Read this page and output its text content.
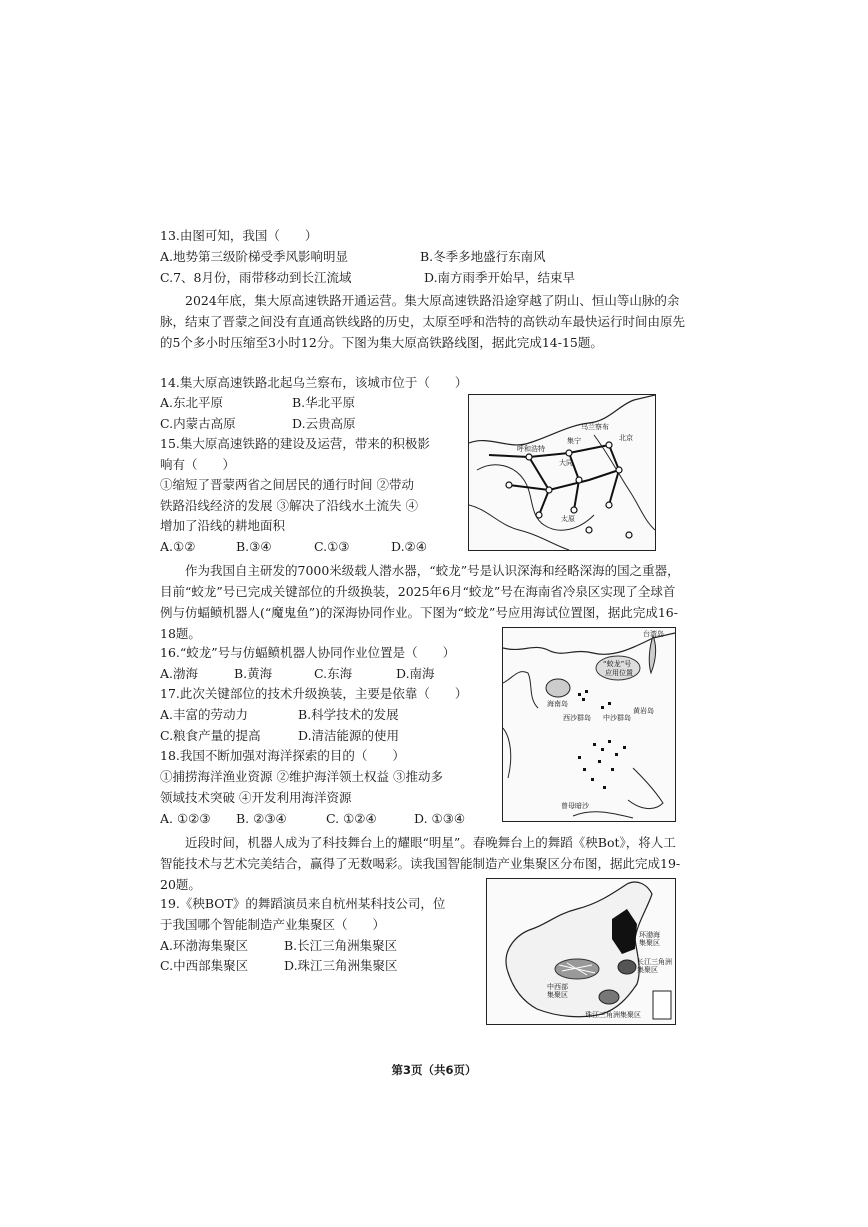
13.由图可知，我国（　　）
A.地势第三级阶梯受季风影响明显	B.冬季多地盛行东南风
C.7、8月份，雨带移动到长江流域	D.南方雨季开始早，结束早
2024年底，集大原高速铁路开通运营。集大原高速铁路沿途穿越了阴山、恒山等山脉的余脉，结束了晋蒙之间没有直通高铁线路的历史，太原至呼和浩特的高铁动车最快运行时间由原先的5个多小时压缩至3小时12分。下图为集大原高铁路线图，据此完成14-15题。
14.集大原高速铁路北起乌兰察布，该城市位于（　　）
A.东北平原	B.华北平原
C.内蒙古高原	D.云贵高原
15.集大原高速铁路的建设及运营，带来的积极影
响有（　　）
①缩短了晋蒙两省之间居民的通行时间 ②带动
铁路沿线经济的发展 ③解决了沿线水土流失 ④
增加了沿线的耕地面积
A.①②	B.③④	C.①③	D.②④
呼和浩特
乌兰察布
北京
集宁
大同
太原
作为我国自主研发的7000米级载人潜水器，“蛟龙”号是认识深海和经略深海的国之重器，目前“蛟龙”号已完成关键部位的升级换装，2025年6月“蛟龙”号在海南省冷泉区实现了全球首例与仿蝠鲼机器人(“魔鬼鱼”)的深海协同作业。下图为“蛟龙”号应用海试位置图，据此完成16-18题。
16.“蛟龙”号与仿蝠鲼机器人协同作业位置是（　　）
A.渤海	B.黄海	C.东海	D.南海
17.此次关键部位的技术升级换装，主要是依靠（　　）
A.丰富的劳动力	B.科学技术的发展
C.粮食产量的提高	D.清洁能源的使用
18.我国不断加强对海洋探索的目的（　　）
①捕捞海洋渔业资源 ②维护海洋领土权益 ③推动多
领域技术突破 ④开发利用海洋资源
A. ①②③ B. ②③④	C. ①②④	D. ①③④
台湾岛
“蛟龙”号
应用位置
海南岛
西沙群岛 中沙群岛
黄岩岛
曾母暗沙
近段时间，机器人成为了科技舞台上的耀眼“明星”。春晚舞台上的舞蹈《秧Bot》，将人工智能技术与艺术完美结合，赢得了无数喝彩。读我国智能制造产业集聚区分布图，据此完成19-20题。
19.《秧BOT》的舞蹈演员来自杭州某科技公司，位
于我国哪个智能制造产业集聚区（　　）
A.环渤海集聚区	B.长江三角洲集聚区
C.中西部集聚区	D.珠江三角洲集聚区
环渤海
集聚区
长江三角洲
集聚区
中西部
集聚区
珠江三角洲集聚区
第3页（共6页）
